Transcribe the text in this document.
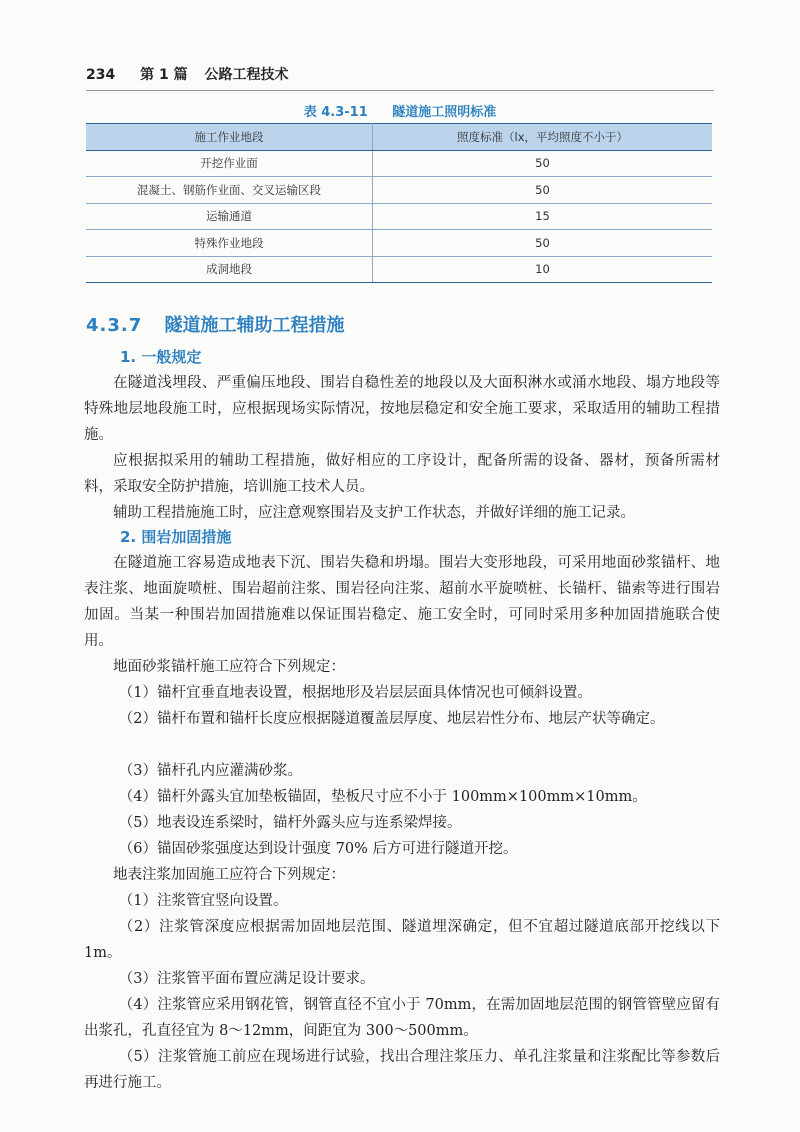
234 第 1 篇 公路工程技术
表 4.3-11 隧道施工照明标准
施工作业地段	照度标准（lx，平均照度不小于）
开挖作业面	50
混凝土、钢筋作业面、交叉运输区段	50
运输通道	15
特殊作业地段	50
成洞地段	10
4.3.7 隧道施工辅助工程措施
1. 一般规定

在隧道浅埋段、严重偏压地段、围岩自稳性差的地段以及大面积淋水或涌水地段、塌方地段等特殊地层地段施工时，应根据现场实际情况，按地层稳定和安全施工要求，采取适用的辅助工程措施。

应根据拟采用的辅助工程措施，做好相应的工序设计，配备所需的设备、器材，预备所需材料，采取安全防护措施，培训施工技术人员。

辅助工程措施施工时，应注意观察围岩及支护工作状态，并做好详细的施工记录。

2. 围岩加固措施

在隧道施工容易造成地表下沉、围岩失稳和坍塌。围岩大变形地段，可采用地面砂浆锚杆、地表注浆、地面旋喷桩、围岩超前注浆、围岩径向注浆、超前水平旋喷桩、长锚杆、锚索等进行围岩加固。当某一种围岩加固措施难以保证围岩稳定、施工安全时，可同时采用多种加固措施联合使用。

地面砂浆锚杆施工应符合下列规定：

（1）锚杆宜垂直地表设置，根据地形及岩层层面具体情况也可倾斜设置。

（2）锚杆布置和锚杆长度应根据隧道覆盖层厚度、地层岩性分布、地层产状等确定。

（3）锚杆孔内应灌满砂浆。

（4）锚杆外露头宜加垫板锚固，垫板尺寸应不小于 100mm×100mm×10mm。

（5）地表设连系梁时，锚杆外露头应与连系梁焊接。

（6）锚固砂浆强度达到设计强度 70% 后方可进行隧道开挖。

地表注浆加固施工应符合下列规定：

（1）注浆管宜竖向设置。

（2）注浆管深度应根据需加固地层范围、隧道埋深确定，但不宜超过隧道底部开挖线以下 1m。

（3）注浆管平面布置应满足设计要求。

（4）注浆管应采用钢花管，钢管直径不宜小于 70mm，在需加固地层范围的钢管管壁应留有出浆孔，孔直径宜为 8～12mm，间距宜为 300～500mm。

（5）注浆管施工前应在现场进行试验，找出合理注浆压力、单孔注浆量和注浆配比等参数后再进行施工。
